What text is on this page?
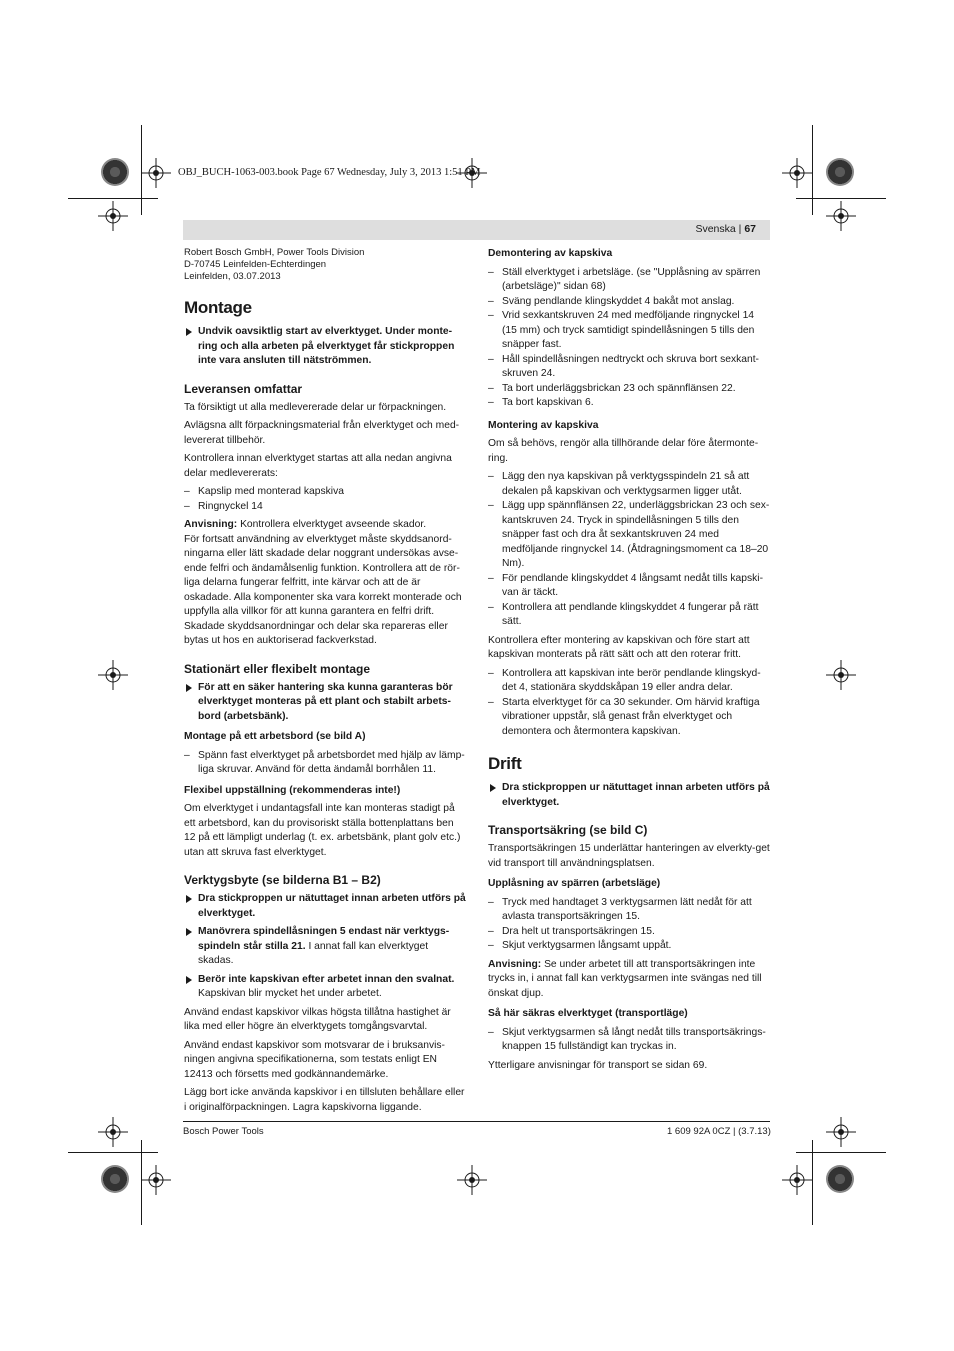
OBJ_BUCH-1063-003.book Page 67 Wednesday, July 3, 2013 1:51 PM
Svenska | 67

Robert Bosch GmbH, Power Tools Division

D-70745 Leinfelden-Echterdingen

Leinfelden, 03.07.2013

Montage

Undvik oavsiktlig start av elverktyget. Under monte-ring och alla arbeten på elverktyget får stickproppen inte vara ansluten till nätströmmen.

Leveransen omfattar

Ta försiktigt ut alla medlevererade delar ur förpackningen.

Avlägsna allt förpackningsmaterial från elverktyget och med-levererat tillbehör.

Kontrollera innan elverktyget startas att alla nedan angivna delar medlevererats:

– Kapslip med monterad kapskiva

– Ringnyckel 14

Anvisning: Kontrollera elverktyget avseende skador.

För fortsatt användning av elverktyget måste skyddsanord-ningarna eller lätt skadade delar noggrant undersökas avse-ende felfri och ändamålsenlig funktion. Kontrollera att de rör-liga delarna fungerar felfritt, inte kärvar och att de är oskadade. Alla komponenter ska vara korrekt monterade och uppfylla alla villkor för att kunna garantera en felfri drift. Skadade skyddsanordningar och delar ska repareras eller bytas ut hos en auktoriserad fackverkstad.

Stationärt eller flexibelt montage

För att en säker hantering ska kunna garanteras bör elverktyget monteras på ett plant och stabilt arbets-bord (arbetsbänk).

Montage på ett arbetsbord (se bild A)

– Spänn fast elverktyget på arbetsbordet med hjälp av lämp-liga skruvar. Använd för detta ändamål borrhålen 11.

Flexibel uppställning (rekommenderas inte!)

Om elverktyget i undantagsfall inte kan monteras stadigt på ett arbetsbord, kan du provisoriskt ställa bottenplattans ben 12 på ett lämpligt underlag (t. ex. arbetsbänk, plant golv etc.) utan att skruva fast elverktyget.

Verktygsbyte (se bilderna B1 – B2)

Dra stickproppen ur nätuttaget innan arbeten utförs på elverktyget.

Manövrera spindellåsningen 5 endast när verktygs-spindeln står stilla 21. I annat fall kan elverktyget skadas.

Berör inte kapskivan efter arbetet innan den svalnat. Kapskivan blir mycket het under arbetet.

Använd endast kapskivor vilkas högsta tillåtna hastighet är lika med eller högre än elverktygets tomgångsvarvtal.

Använd endast kapskivor som motsvarar de i bruksanvis-ningen angivna specifikationerna, som testats enligt EN 12413 och försetts med godkännandemärke.

Lägg bort icke använda kapskivor i en tillsluten behållare eller i originalförpackningen. Lagra kapskivorna liggande.

Demontering av kapskiva

– Ställ elverktyget i arbetsläge. (se "Upplåsning av spärren (arbetsläge)" sidan 68)

– Sväng pendlande klingskyddet 4 bakåt mot anslag.

– Vrid sexkantskruven 24 med medföljande ringnyckel 14 (15 mm) och tryck samtidigt spindellåsningen 5 tills den snäpper fast.

– Håll spindellåsningen nedtryckt och skruva bort sexkant-skruven 24.

– Ta bort underläggsbrickan 23 och spännflänsen 22.

– Ta bort kapskivan 6.

Montering av kapskiva

Om så behövs, rengör alla tillhörande delar före återmonte-ring.

– Lägg den nya kapskivan på verktygsspindeln 21 så att dekalen på kapskivan och verktygsarmen ligger utåt.

– Lägg upp spännflänsen 22, underläggsbrickan 23 och sex-kantskruven 24. Tryck in spindellåsningen 5 tills den snäpper fast och dra åt sexkantskruven 24 med medföljande ringnyckel 14. (Åtdragningsmoment ca 18–20 Nm).

– För pendlande klingskyddet 4 långsamt nedåt tills kapski-van är täckt.

– Kontrollera att pendlande klingskyddet 4 fungerar på rätt sätt.

Kontrollera efter montering av kapskivan och före start att kapskivan monterats på rätt sätt och att den roterar fritt.

– Kontrollera att kapskivan inte berör pendlande klingskyd-det 4, stationära skyddskåpan 19 eller andra delar.

– Starta elverktyget för ca 30 sekunder. Om härvid kraftiga vibrationer uppstår, slå genast från elverktyget och demontera och återmontera kapskivan.

Drift

Dra stickproppen ur nätuttaget innan arbeten utförs på elverktyget.

Transportsäkring (se bild C)

Transportsäkringen 15 underlättar hanteringen av elverkty-get vid transport till användningsplatsen.

Upplåsning av spärren (arbetsläge)

– Tryck med handtaget 3 verktygsarmen lätt nedåt för att avlasta transportsäkringen 15.

– Dra helt ut transportsäkringen 15.

– Skjut verktygsarmen långsamt uppåt.

Anvisning: Se under arbetet till att transportsäkringen inte trycks in, i annat fall kan verktygsarmen inte svängas ned till önskat djup.

Så här säkras elverktyget (transportläge)

– Skjut verktygsarmen så långt nedåt tills transportsäkrings-knappen 15 fullständigt kan tryckas in.

Ytterligare anvisningar för transport se sidan 69.

Bosch Power Tools	1 609 92A 0CZ | (3.7.13)
